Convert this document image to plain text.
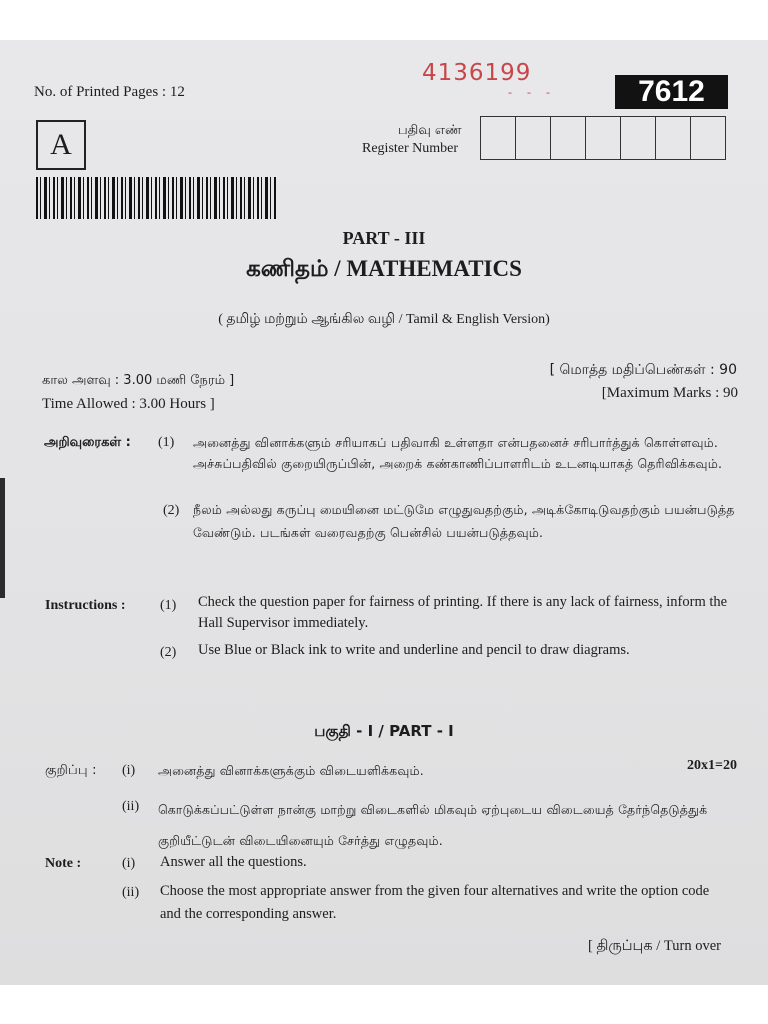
No. of Printed Pages : 12
4136199
- - -	7612
A	பதிவு எண்
Register Number
PART - III
கணிதம் / MATHEMATICS
( தமிழ் மற்றும் ஆங்கில வழி / Tamil & English Version)
கால அளவு : 3.00 மணி நேரம் ]
Time Allowed : 3.00 Hours ]
[ மொத்த மதிப்பெண்கள் : 90
[Maximum Marks : 90
அறிவுரைகள் : (1) அனைத்து வினாக்களும் சரியாகப் பதிவாகி உள்ளதா என்பதனைச் சரிபார்த்துக் கொள்ளவும். அச்சுப்பதிவில் குறையிருப்பின், அறைக் கண்காணிப்பாளரிடம் உடனடியாகத் தெரிவிக்கவும்.
(2) நீலம் அல்லது கருப்பு மையினை மட்டுமே எழுதுவதற்கும், அடிக்கோடிடுவதற்கும் பயன்படுத்த வேண்டும். படங்கள் வரைவதற்கு பென்சில் பயன்படுத்தவும்.
Instructions : (1) Check the question paper for fairness of printing. If there is any lack of fairness, inform the Hall Supervisor immediately.
(2) Use Blue or Black ink to write and underline and pencil to draw diagrams.
பகுதி - I / PART - I
குறிப்பு : (i) அனைத்து வினாக்களுக்கும் விடையளிக்கவும்.	20x1=20
(ii) கொடுக்கப்பட்டுள்ள நான்கு மாற்று விடைகளில் மிகவும் ஏற்புடைய விடையைத் தேர்ந்தெடுத்துக் குறியீட்டுடன் விடையினையும் சேர்த்து எழுதவும்.
Note :	(i) Answer all the questions.
(ii) Choose the most appropriate answer from the given four alternatives and write the option code and the corresponding answer.
[ திருப்புக / Turn over
